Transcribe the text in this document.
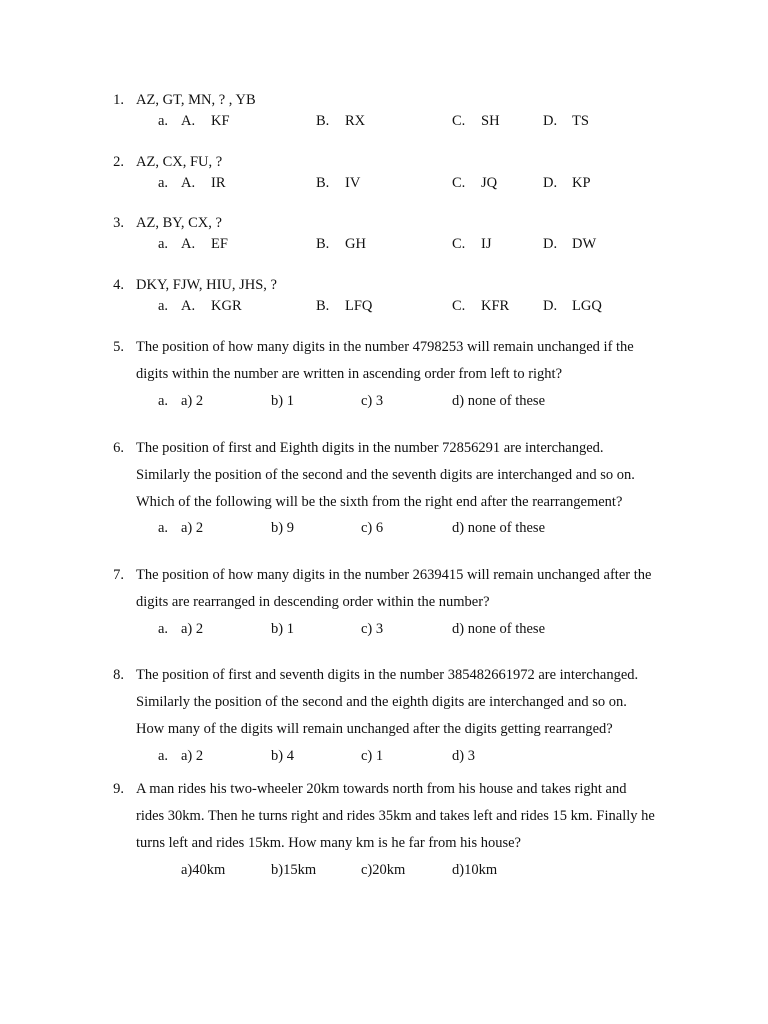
1. AZ, GT, MN, ? , YB
a. A. KF	B. RX	C. SH	D. TS
2. AZ, CX, FU, ?
a. A. IR	B. IV	C. JQ	D. KP
3. AZ, BY, CX, ?
a. A. EF	B. GH	C. IJ	D. DW
4. DKY, FJW, HIU, JHS, ?
a. A. KGR	B. LFQ	C. KFR D. LGQ
5. The position of how many digits in the number 4798253 will remain unchanged if the
digits within the number are written in ascending order from left to right?
a. a) 2	b) 1	c) 3	d) none of these
6. The position of first and Eighth digits in the number 72856291 are interchanged.
Similarly the position of the second and the seventh digits are interchanged and so on.
Which of the following will be the sixth from the right end after the rearrangement?
a. a) 2	b) 9	c) 6	d) none of these
7. The position of how many digits in the number 2639415 will remain unchanged after the
digits are rearranged in descending order within the number?
a. a) 2	b) 1	c) 3	d) none of these
8. The position of first and seventh digits in the number 385482661972 are interchanged.
Similarly the position of the second and the eighth digits are interchanged and so on.
How many of the digits will remain unchanged after the digits getting rearranged?
a. a) 2	b) 4	c) 1	d) 3
9. A man rides his two-wheeler 20km towards north from his house and takes right and
rides 30km. Then he turns right and rides 35km and takes left and rides 15 km. Finally he
turns left and rides 15km. How many km is he far from his house?
a)40km	b)15km	c)20km	d)10km
